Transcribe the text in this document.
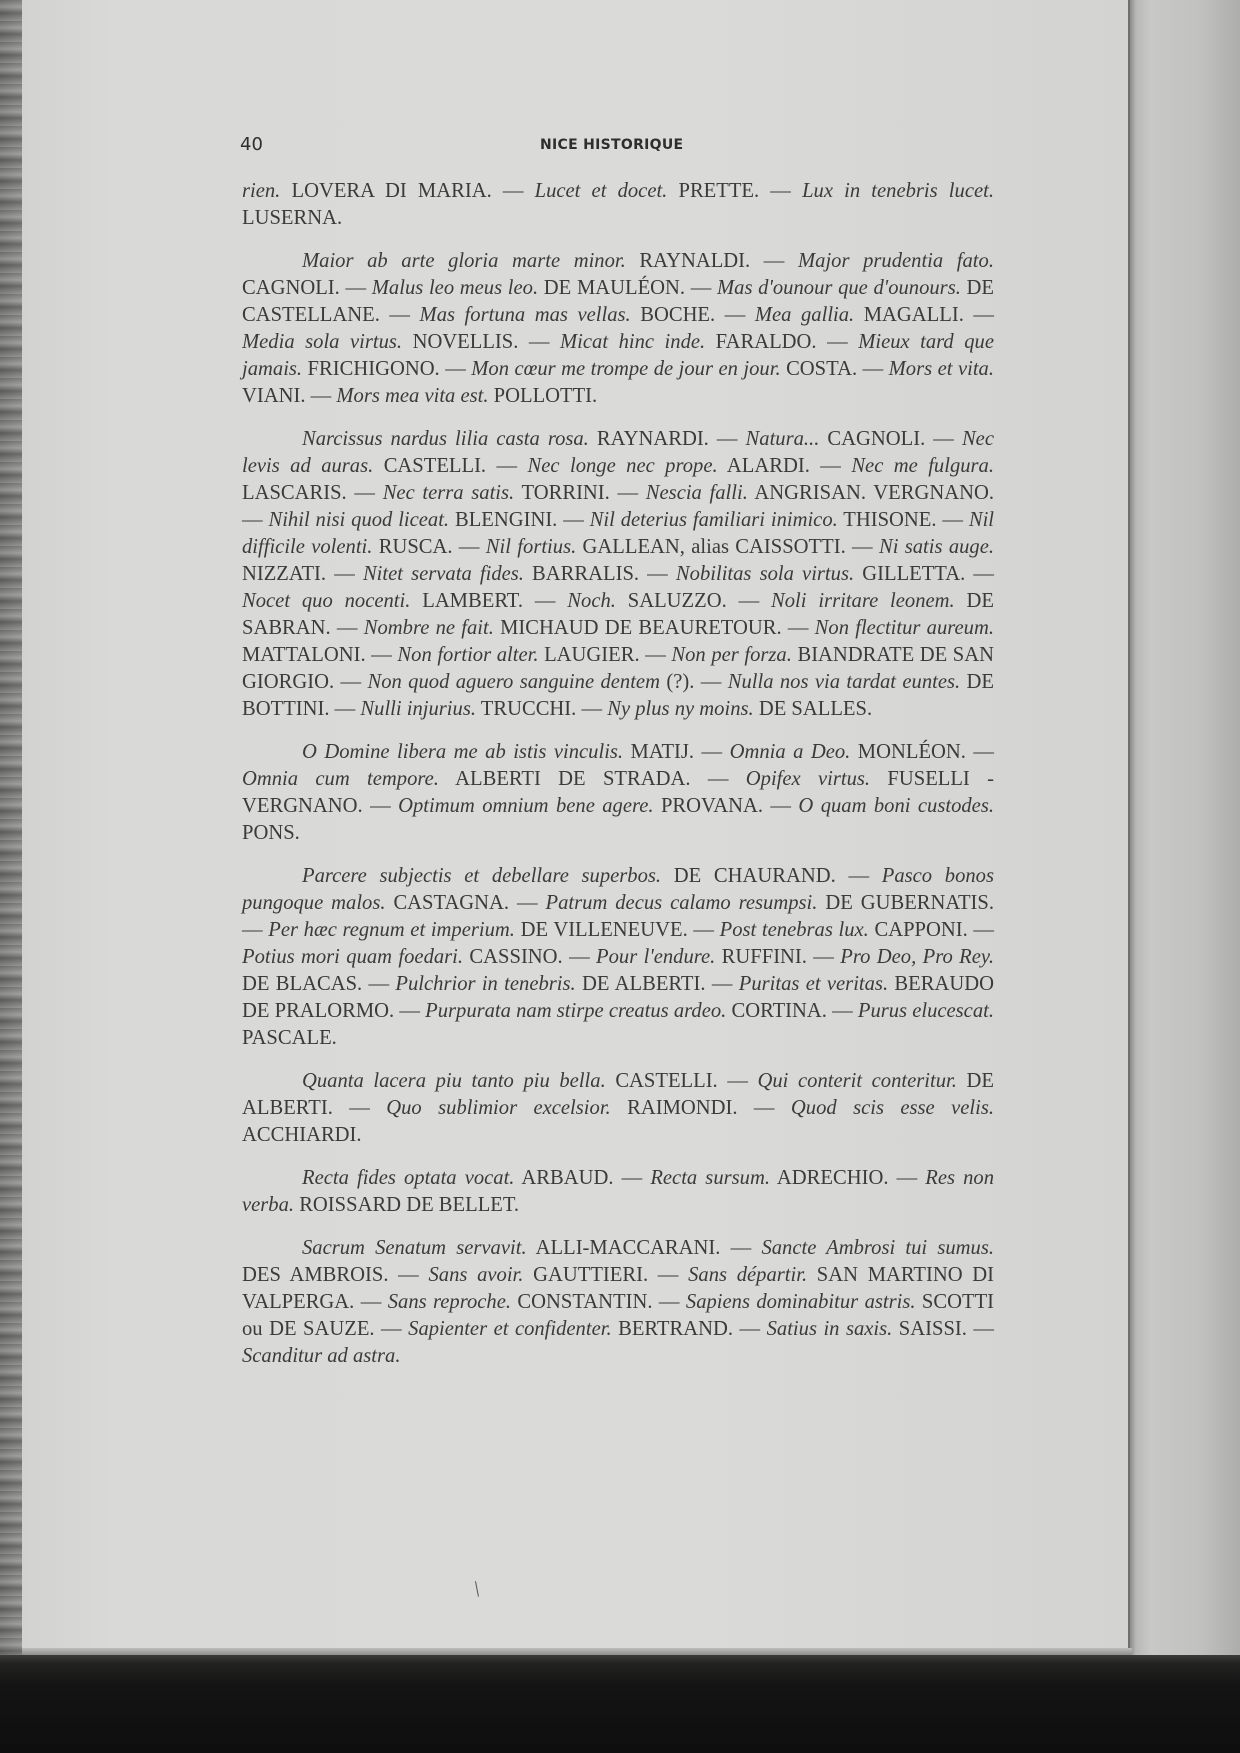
40	NICE HISTORIQUE

rien. LOVERA DI MARIA. — Lucet et docet. PRETTE. — Lux in tenebris lucet. LUSERNA.

Maior ab arte gloria marte minor. RAYNALDI. — Major prudentia fato. CAGNOLI. — Malus leo meus leo. DE MAULÉON. — Mas d'ounour que d'ounours. DE CASTELLANE. — Mas fortuna mas vellas. BOCHE. — Mea gallia. MAGALLI. — Media sola virtus. NOVELLIS. — Micat hinc inde. FARALDO. — Mieux tard que jamais. FRICHIGONO. — Mon cœur me trompe de jour en jour. COSTA. — Mors et vita. VIANI. — Mors mea vita est. POLLOTTI.

Narcissus nardus lilia casta rosa. RAYNARDI. — Natura... CAGNOLI. — Nec levis ad auras. CASTELLI. — Nec longe nec prope. ALARDI. — Nec me fulgura. LASCARIS. — Nec terra satis. TORRINI. — Nescia falli. ANGRISAN. VERGNANO. — Nihil nisi quod liceat. BLENGINI. — Nil deterius familiari inimico. THISONE. — Nil difficile volenti. RUSCA. — Nil fortius. GALLEAN, alias CAISSOTTI. — Ni satis auge. NIZZATI. — Nitet servata fides. BARRALIS. — Nobilitas sola virtus. GILLETTA. — Nocet quo nocenti. LAMBERT. — Noch. SALUZZO. — Noli irritare leonem. DE SABRAN. — Nombre ne fait. MICHAUD DE BEAURETOUR. — Non flectitur aureum. MATTALONI. — Non fortior alter. LAUGIER. — Non per forza. BIANDRATE DE SAN GIORGIO. — Non quod aguero sanguine dentem (?). — Nulla nos via tardat euntes. DE BOTTINI. — Nulli injurius. TRUCCHI. — Ny plus ny moins. DE SALLES.

O Domine libera me ab istis vinculis. MATIJ. — Omnia a Deo. MONLÉON. — Omnia cum tempore. ALBERTI DE STRADA. — Opifex virtus. FUSELLI - VERGNANO. — Optimum omnium bene agere. PROVANA. — O quam boni custodes. PONS.

Parcere subjectis et debellare superbos. DE CHAURAND. — Pasco bonos pungoque malos. CASTAGNA. — Patrum decus calamo resumpsi. DE GUBERNATIS. — Per hæc regnum et imperium. DE VILLENEUVE. — Post tenebras lux. CAPPONI. — Potius mori quam foedari. CASSINO. — Pour l'endure. RUFFINI. — Pro Deo, Pro Rey. DE BLACAS. — Pulchrior in tenebris. DE ALBERTI. — Puritas et veritas. BERAUDO DE PRALORMO. — Purpurata nam stirpe creatus ardeo. CORTINA. — Purus elucescat. PASCALE.

Quanta lacera piu tanto piu bella. CASTELLI. — Qui conterit conteritur. DE ALBERTI. — Quo sublimior excelsior. RAIMONDI. — Quod scis esse velis. ACCHIARDI.

Recta fides optata vocat. ARBAUD. — Recta sursum. ADRECHIO. — Res non verba. ROISSARD DE BELLET.

Sacrum Senatum servavit. ALLI-MACCARANI. — Sancte Ambrosi tui sumus. DES AMBROIS. — Sans avoir. GAUTTIERI. — Sans départir. SAN MARTINO DI VALPERGA. — Sans reproche. CONSTANTIN. — Sapiens dominabitur astris. SCOTTI ou DE SAUZE. — Sapienter et confidenter. BERTRAND. — Satius in saxis. SAISSI. — Scanditur ad astra.

/
